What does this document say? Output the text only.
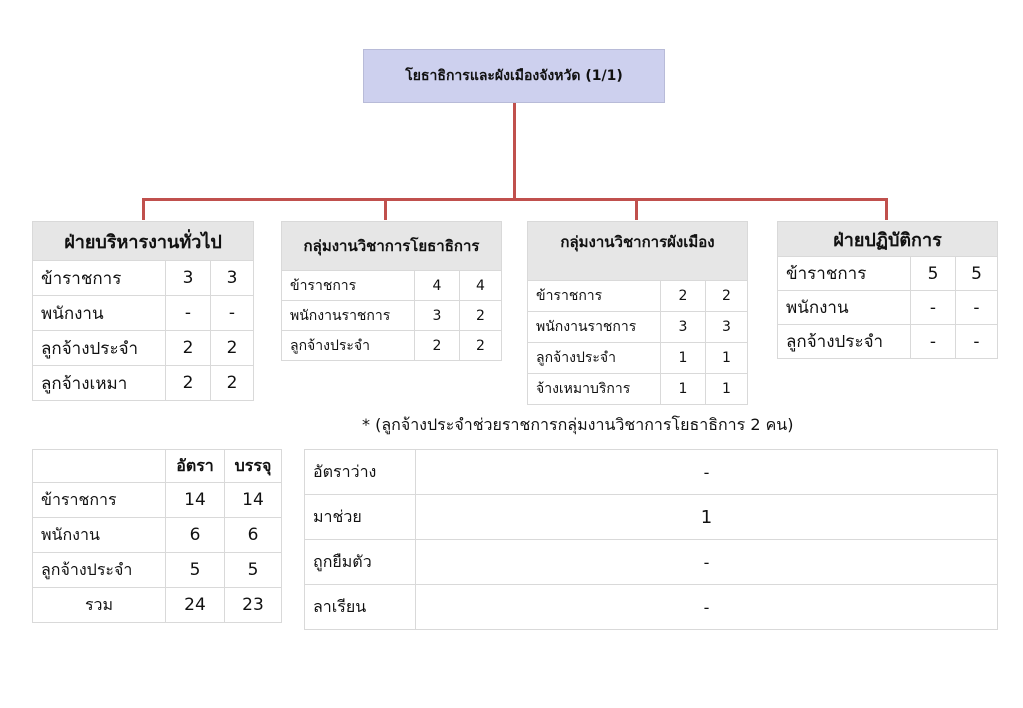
โยธาธิการและผังเมืองจังหวัด (1/1)
ฝ่ายบริหารงานทั่วไป		
ข้าราชการ	3	3
พนักงาน	-	-
ลูกจ้างประจำ	2	2
ลูกจ้างเหมา	2	2
กลุ่มงานวิชาการโยธาธิการ		
ข้าราชการ	4	4
พนักงานราชการ	3	2
ลูกจ้างประจำ	2	2
กลุ่มงานวิชาการผังเมือง		
ข้าราชการ	2	2
พนักงานราชการ	3	3
ลูกจ้างประจำ	1	1
จ้างเหมาบริการ	1	1
ฝ่ายปฏิบัติการ		
ข้าราชการ	5	5
พนักงาน	-	-
ลูกจ้างประจำ	-	-
* (ลูกจ้างประจำช่วยราชการกลุ่มงานวิชาการโยธาธิการ 2 คน)
	อัตรา	บรรจุ
ข้าราชการ	14	14
พนักงาน	6	6
ลูกจ้างประจำ	5	5
รวม	24	23
อัตราว่าง	-
มาช่วย	1
ถูกยืมตัว	-
ลาเรียน	-
